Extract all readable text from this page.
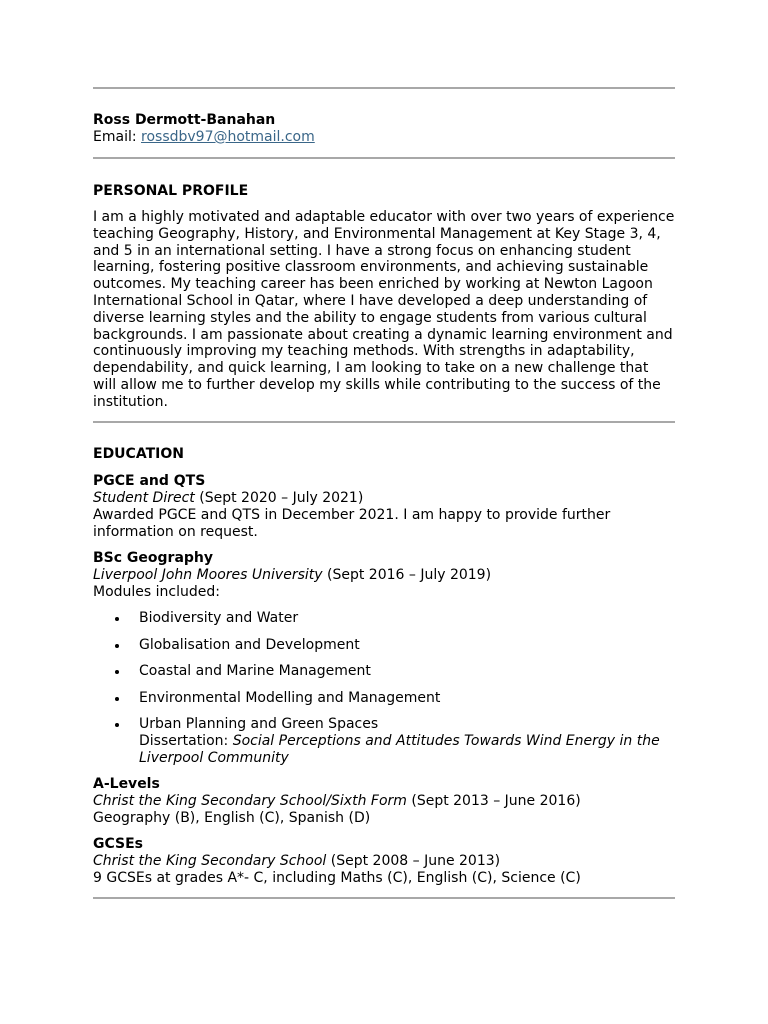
Ross Dermott-Banahan
Email: rossdbv97@hotmail.com
PERSONAL PROFILE
I am a highly motivated and adaptable educator with over two years of experience teaching Geography, History, and Environmental Management at Key Stage 3, 4, and 5 in an international setting. I have a strong focus on enhancing student learning, fostering positive classroom environments, and achieving sustainable outcomes. My teaching career has been enriched by working at Newton Lagoon International School in Qatar, where I have developed a deep understanding of diverse learning styles and the ability to engage students from various cultural backgrounds. I am passionate about creating a dynamic learning environment and continuously improving my teaching methods. With strengths in adaptability, dependability, and quick learning, I am looking to take on a new challenge that will allow me to further develop my skills while contributing to the success of the institution.
EDUCATION
PGCE and QTS
Student Direct (Sept 2020 – July 2021)
Awarded PGCE and QTS in December 2021. I am happy to provide further
information on request.
BSc Geography
Liverpool John Moores University (Sept 2016 – July 2019)
Modules included:
Biodiversity and Water
Globalisation and Development
Coastal and Marine Management
Environmental Modelling and Management
Urban Planning and Green Spaces
Dissertation: Social Perceptions and Attitudes Towards Wind Energy in the
Liverpool Community
A-Levels
Christ the King Secondary School/Sixth Form (Sept 2013 – June 2016)
Geography (B), English (C), Spanish (D)
GCSEs
Christ the King Secondary School (Sept 2008 – June 2013)
9 GCSEs at grades A*- C, including Maths (C), English (C), Science (C)
